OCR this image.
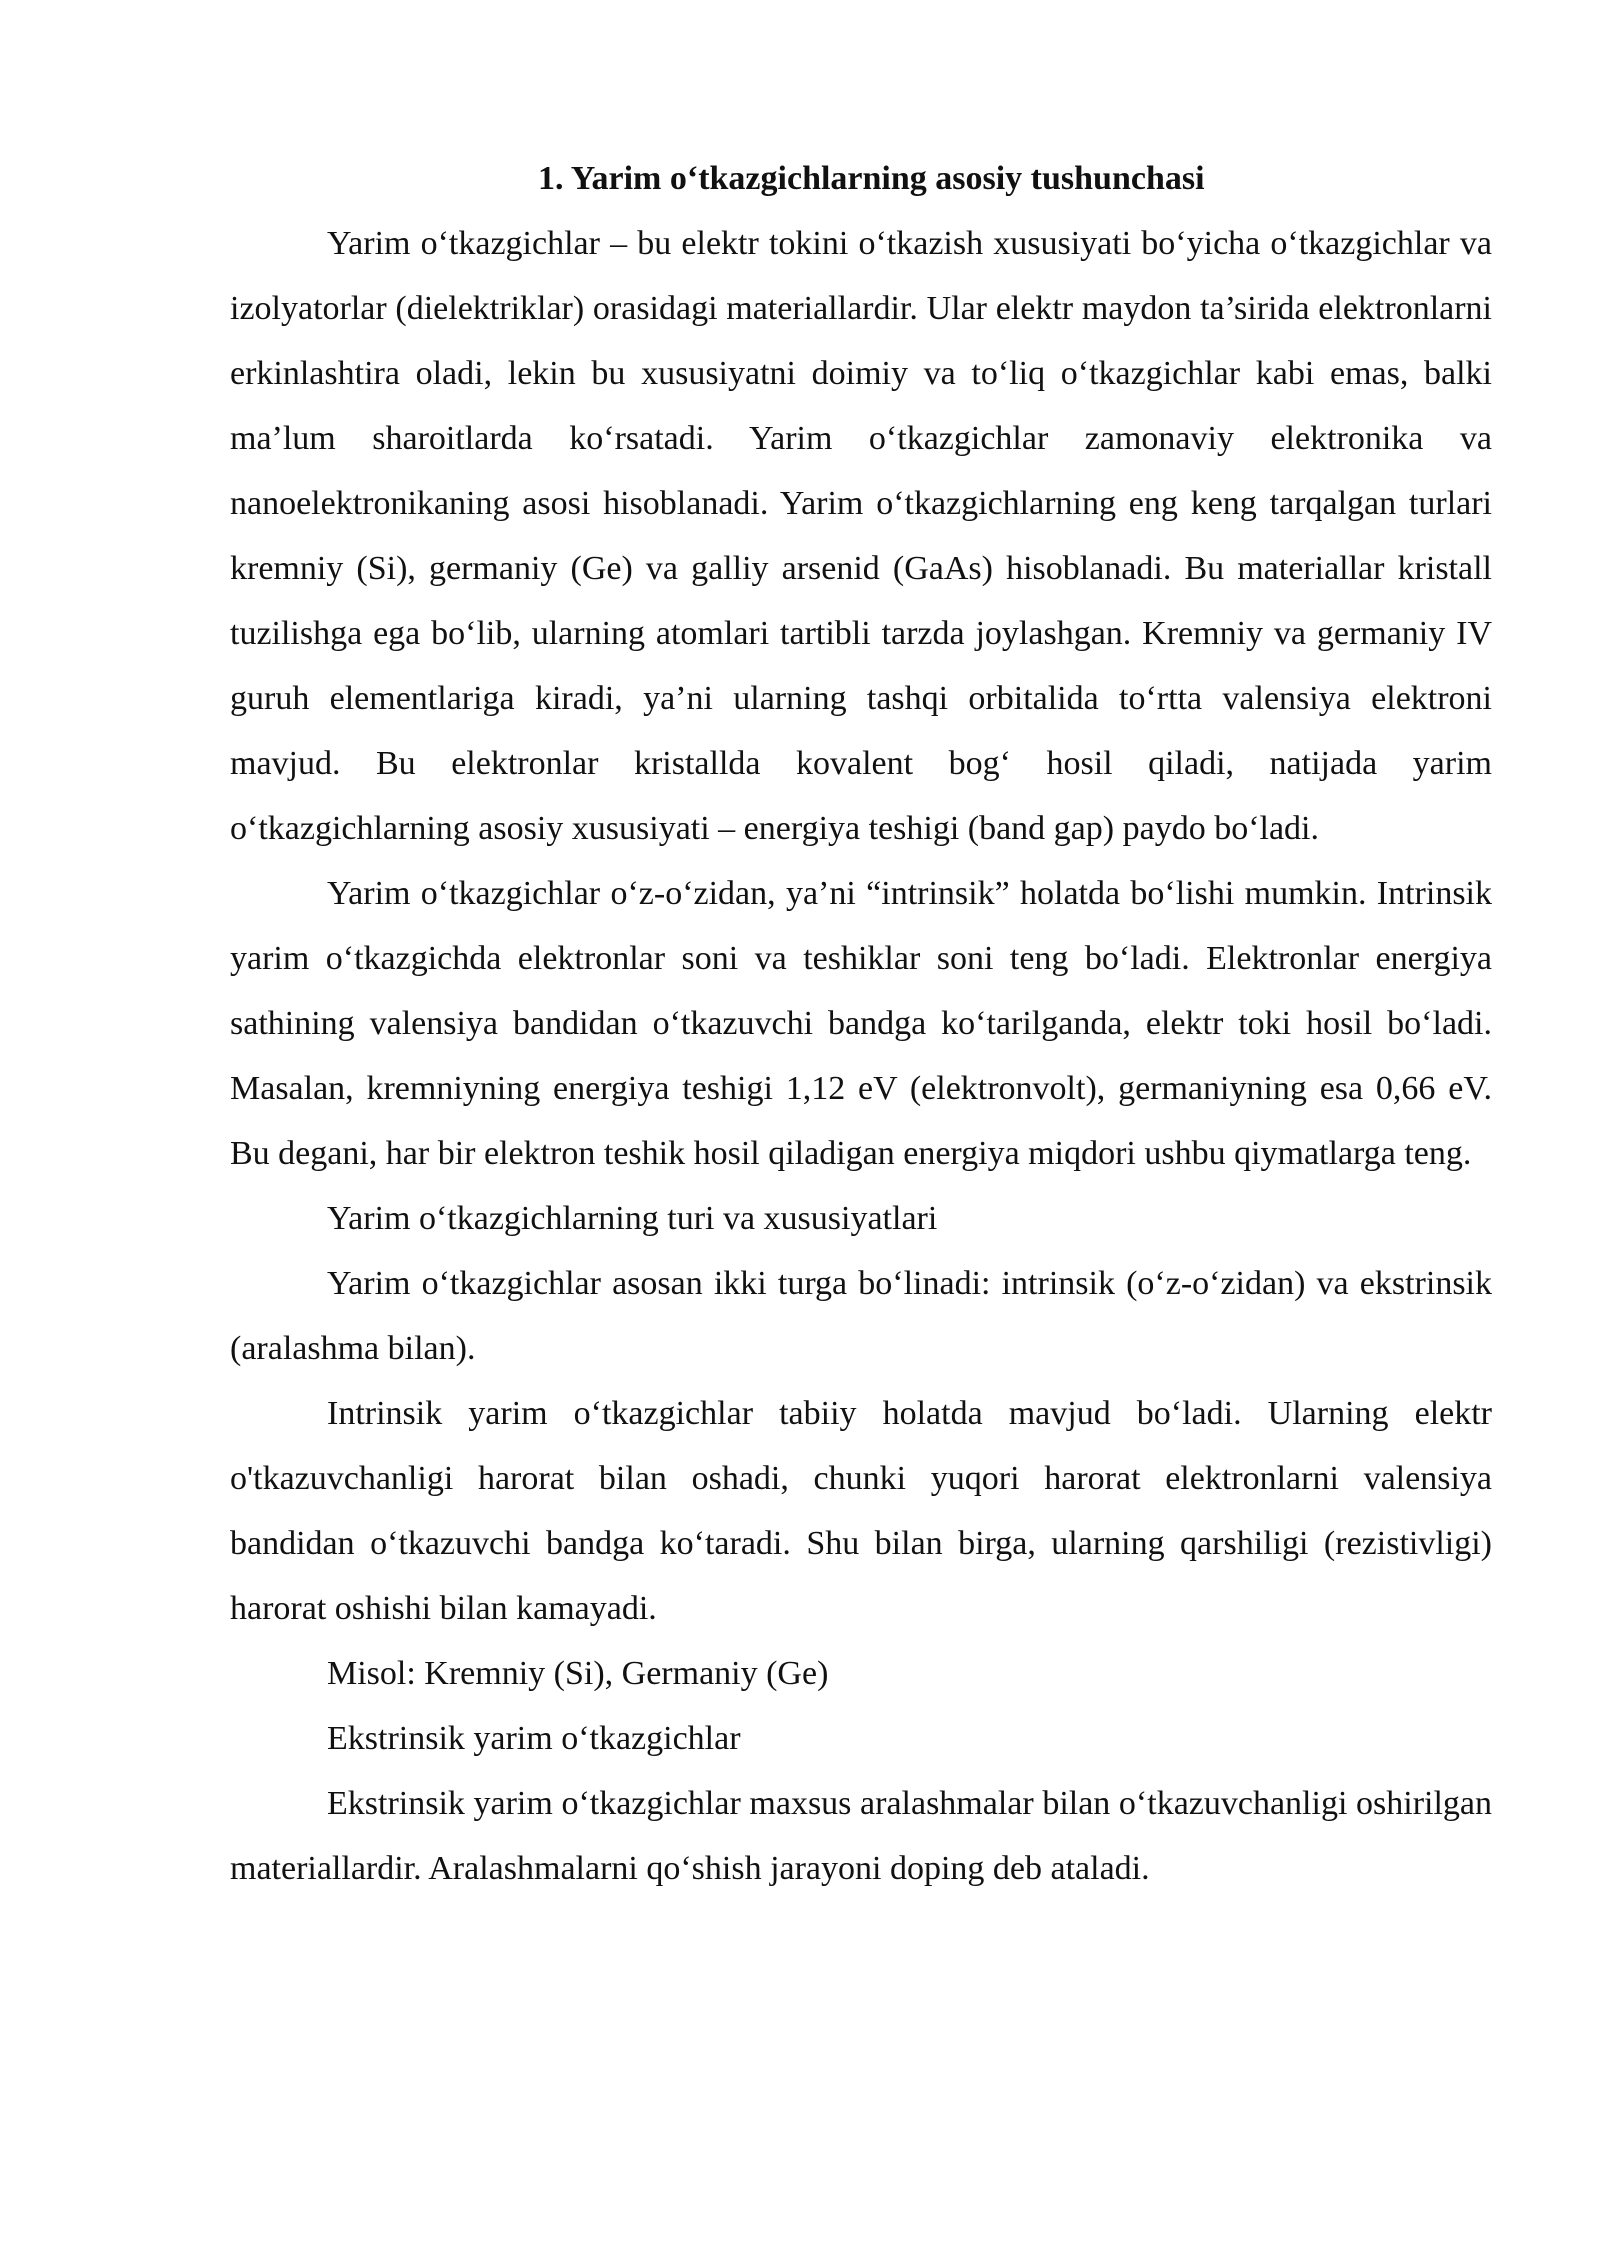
1. Yarim o‘tkazgichlarning asosiy tushunchasi

Yarim o‘tkazgichlar – bu elektr tokini o‘tkazish xususiyati bo‘yicha o‘tkazgichlar va izolyatorlar (dielektriklar) orasidagi materiallardir. Ular elektr maydon ta’sirida elektronlarni erkinlashtira oladi, lekin bu xususiyatni doimiy va to‘liq o‘tkazgichlar kabi emas, balki ma’lum sharoitlarda ko‘rsatadi. Yarim o‘tkazgichlar zamonaviy elektronika va nanoelektronikaning asosi hisoblanadi. Yarim o‘tkazgichlarning eng keng tarqalgan turlari kremniy (Si), germaniy (Ge) va galliy arsenid (GaAs) hisoblanadi. Bu materiallar kristall tuzilishga ega bo‘lib, ularning atomlari tartibli tarzda joylashgan. Kremniy va germaniy IV guruh elementlariga kiradi, ya’ni ularning tashqi orbitalida to‘rtta valensiya elektroni mavjud. Bu elektronlar kristallda kovalent bog‘ hosil qiladi, natijada yarim o‘tkazgichlarning asosiy xususiyati – energiya teshigi (band gap) paydo bo‘ladi.

Yarim o‘tkazgichlar o‘z-o‘zidan, ya’ni “intrinsik” holatda bo‘lishi mumkin. Intrinsik yarim o‘tkazgichda elektronlar soni va teshiklar soni teng bo‘ladi. Elektronlar energiya sathining valensiya bandidan o‘tkazuvchi bandga ko‘tarilganda, elektr toki hosil bo‘ladi. Masalan, kremniyning energiya teshigi 1,12 eV (elektronvolt), germaniyning esa 0,66 eV. Bu degani, har bir elektron teshik hosil qiladigan energiya miqdori ushbu qiymatlarga teng.

Yarim o‘tkazgichlarning turi va xususiyatlari

Yarim o‘tkazgichlar asosan ikki turga bo‘linadi: intrinsik (o‘z-o‘zidan) va ekstrinsik (aralashma bilan).

Intrinsik yarim o‘tkazgichlar tabiiy holatda mavjud bo‘ladi. Ularning elektr o'tkazuvchanligi harorat bilan oshadi, chunki yuqori harorat elektronlarni valensiya bandidan o‘tkazuvchi bandga ko‘taradi. Shu bilan birga, ularning qarshiligi (rezistivligi) harorat oshishi bilan kamayadi.

Misol: Kremniy (Si), Germaniy (Ge)

Ekstrinsik yarim o‘tkazgichlar

Ekstrinsik yarim o‘tkazgichlar maxsus aralashmalar bilan o‘tkazuvchanligi oshirilgan materiallardir. Aralashmalarni qo‘shish jarayoni doping deb ataladi.
